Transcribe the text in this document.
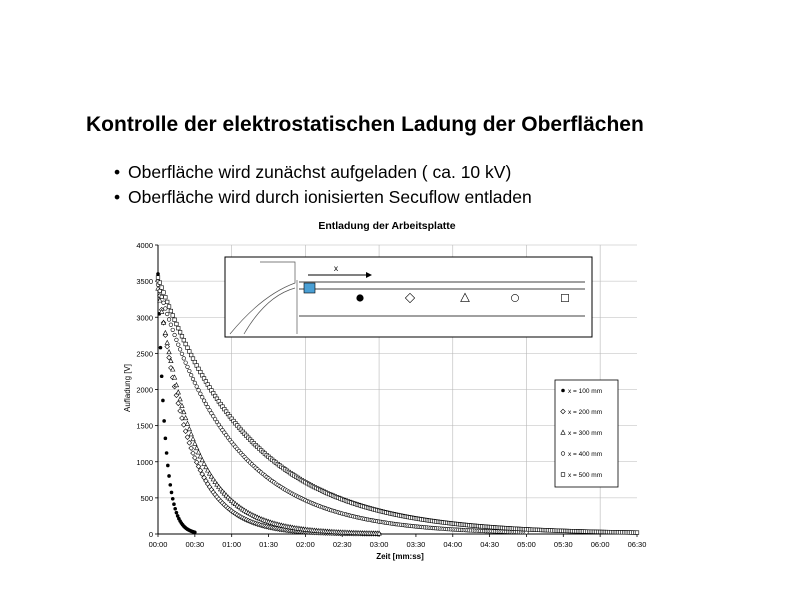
Kontrolle der elektrostatischen Ladung der Oberflächen
• Oberfläche wird zunächst aufgeladen ( ca. 10 kV)
• Oberfläche wird durch ionisierten Secuflow entladen
Entladung der Arbeitsplatte
0
500
1000
1500
2000
2500
3000
3500
4000
00:00 00:30 01:00 01:30 02:00 02:30 03:00 03:30 04:00 04:30 05:00 05:30 06:00 06:30
Aufladung [V]
Zeit [mm:ss]
x
x = 100 mm
x = 200 mm
x = 300 mm
x = 400 mm
x = 500 mm
